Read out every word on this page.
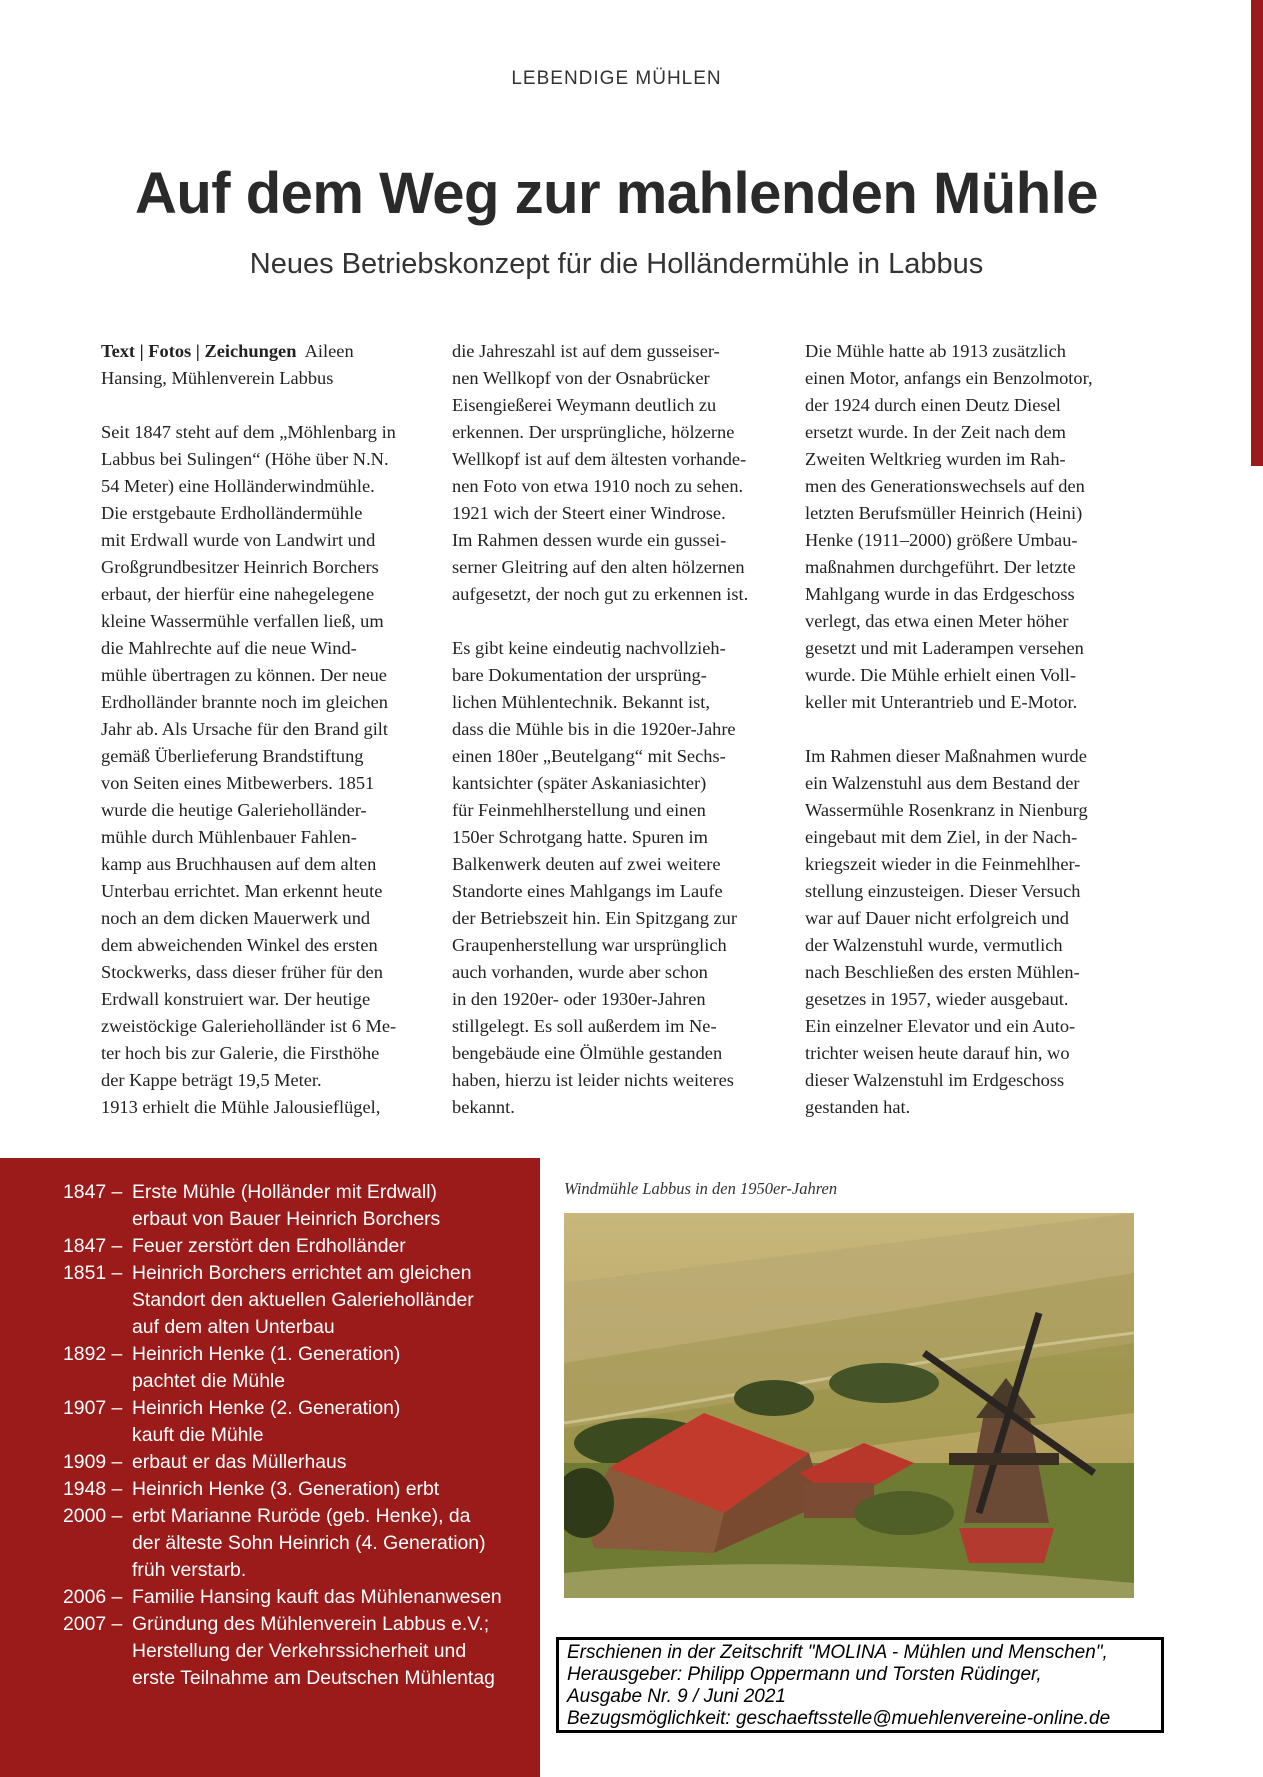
LEBENDIGE MÜHLEN
Auf dem Weg zur mahlenden Mühle
Neues Betriebskonzept für die Holländermühle in Labbus
Text | Fotos | Zeichungen Aileen
Hansing, Mühlenverein Labbus
Seit 1847 steht auf dem „Möhlenbarg in
Labbus bei Sulingen“ (Höhe über N.N.
54 Meter) eine Holländerwindmühle.
Die erstgebaute Erdholländermühle
mit Erdwall wurde von Landwirt und
Großgrundbesitzer Heinrich Borchers
erbaut, der hierfür eine nahegelegene
kleine Wassermühle verfallen ließ, um
die Mahlrechte auf die neue Wind-
mühle übertragen zu können. Der neue
Erdholländer brannte noch im gleichen
Jahr ab. Als Ursache für den Brand gilt
gemäß Überlieferung Brandstiftung
von Seiten eines Mitbewerbers. 1851
wurde die heutige Galerieholländer-
mühle durch Mühlenbauer Fahlen-
kamp aus Bruchhausen auf dem alten
Unterbau errichtet. Man erkennt heute
noch an dem dicken Mauerwerk und
dem abweichenden Winkel des ersten
Stockwerks, dass dieser früher für den
Erdwall konstruiert war. Der heutige
zweistöckige Galerieholländer ist 6 Me-
ter hoch bis zur Galerie, die Firsthöhe
der Kappe beträgt 19,5 Meter.
1913 erhielt die Mühle Jalousieflügel,
die Jahreszahl ist auf dem gusseiser-
nen Wellkopf von der Osnabrücker
Eisengießerei Weymann deutlich zu
erkennen. Der ursprüngliche, hölzerne
Wellkopf ist auf dem ältesten vorhande-
nen Foto von etwa 1910 noch zu sehen.
1921 wich der Steert einer Windrose.
Im Rahmen dessen wurde ein gussei-
serner Gleitring auf den alten hölzernen
aufgesetzt, der noch gut zu erkennen ist.
Es gibt keine eindeutig nachvollzieh-
bare Dokumentation der ursprüng-
lichen Mühlentechnik. Bekannt ist,
dass die Mühle bis in die 1920er-Jahre
einen 180er „Beutelgang“ mit Sechs-
kantsichter (später Askaniasichter)
für Feinmehlherstellung und einen
150er Schrotgang hatte. Spuren im
Balkenwerk deuten auf zwei weitere
Standorte eines Mahlgangs im Laufe
der Betriebszeit hin. Ein Spitzgang zur
Graupenherstellung war ursprünglich
auch vorhanden, wurde aber schon
in den 1920er- oder 1930er-Jahren
stillgelegt. Es soll außerdem im Ne-
bengebäude eine Ölmühle gestanden
haben, hierzu ist leider nichts weiteres
bekannt.
Die Mühle hatte ab 1913 zusätzlich
einen Motor, anfangs ein Benzolmotor,
der 1924 durch einen Deutz Diesel
ersetzt wurde. In der Zeit nach dem
Zweiten Weltkrieg wurden im Rah-
men des Generationswechsels auf den
letzten Berufsmüller Heinrich (Heini)
Henke (1911–2000) größere Umbau-
maßnahmen durchgeführt. Der letzte
Mahlgang wurde in das Erdgeschoss
verlegt, das etwa einen Meter höher
gesetzt und mit Laderampen versehen
wurde. Die Mühle erhielt einen Voll-
keller mit Unterantrieb und E-Motor.
Im Rahmen dieser Maßnahmen wurde
ein Walzenstuhl aus dem Bestand der
Wassermühle Rosenkranz in Nienburg
eingebaut mit dem Ziel, in der Nach-
kriegszeit wieder in die Feinmehlher-
stellung einzusteigen. Dieser Versuch
war auf Dauer nicht erfolgreich und
der Walzenstuhl wurde, vermutlich
nach Beschließen des ersten Mühlen-
gesetzes in 1957, wieder ausgebaut.
Ein einzelner Elevator und ein Auto-
trichter weisen heute darauf hin, wo
dieser Walzenstuhl im Erdgeschoss
gestanden hat.
1847 – Erste Mühle (Holländer mit Erdwall)
erbaut von Bauer Heinrich Borchers
1847 – Feuer zerstört den Erdholländer
1851 – Heinrich Borchers errichtet am gleichen
Standort den aktuellen Galerieholländer
auf dem alten Unterbau
1892 – Heinrich Henke (1. Generation)
pachtet die Mühle
1907 – Heinrich Henke (2. Generation)
kauft die Mühle
1909 – erbaut er das Müllerhaus
1948 – Heinrich Henke (3. Generation) erbt
2000 – erbt Marianne Ruröde (geb. Henke), da
der älteste Sohn Heinrich (4. Generation)
früh verstarb.
2006 – Familie Hansing kauft das Mühlenanwesen
2007 – Gründung des Mühlenverein Labbus e.V.;
Herstellung der Verkehrssicherheit und
erste Teilnahme am Deutschen Mühlentag
Windmühle Labbus in den 1950er-Jahren
Erschienen in der Zeitschrift "MOLINA - Mühlen und Menschen",
Herausgeber: Philipp Oppermann und Torsten Rüdinger,
Ausgabe Nr. 9 / Juni 2021
Bezugsmöglichkeit: geschaeftsstelle@muehlenvereine-online.de
